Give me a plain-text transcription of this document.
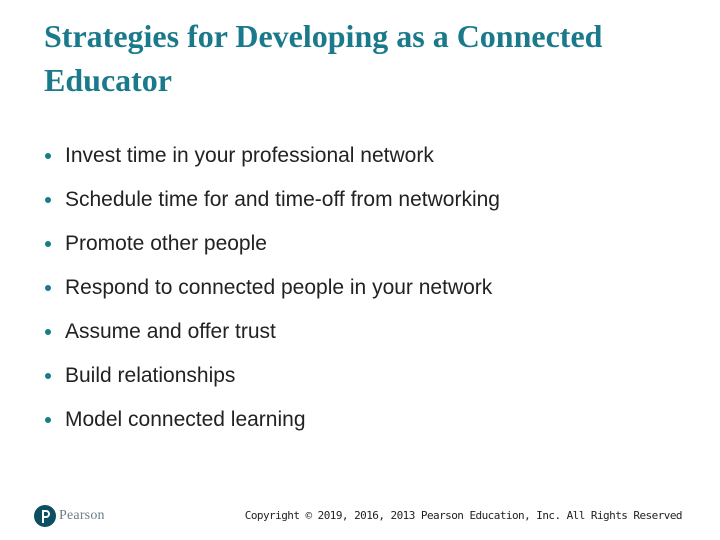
Strategies for Developing as a Connected Educator
Invest time in your professional network
Schedule time for and time-off from networking
Promote other people
Respond to connected people in your network
Assume and offer trust
Build relationships
Model connected learning
Pearson	Copyright © 2019, 2016, 2013 Pearson Education, Inc. All Rights Reserved
